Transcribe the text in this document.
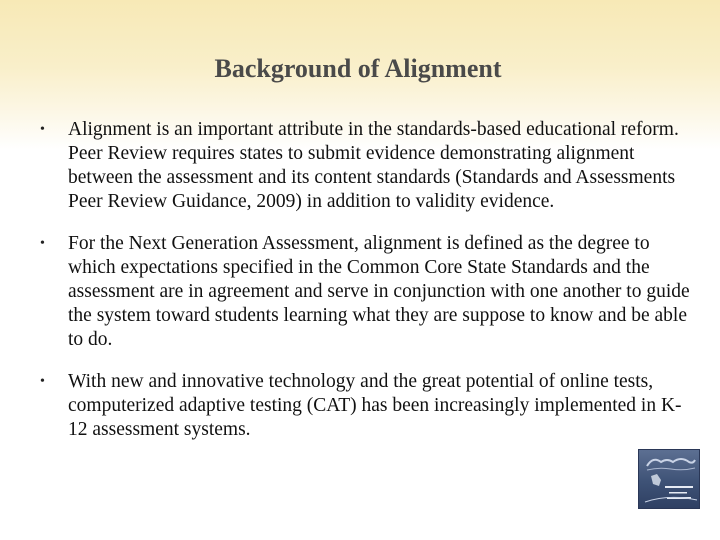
Background of Alignment
• Alignment is an important attribute in the standards-based educational reform. Peer Review requires states to submit evidence demonstrating alignment between the assessment and its content standards (Standards and Assessments Peer Review Guidance, 2009) in addition to validity evidence.
• For the Next Generation Assessment, alignment is defined as the degree to which expectations specified in the Common Core State Standards and the assessment are in agreement and serve in conjunction with one another to guide the system toward students learning what they are suppose to know and be able to do.
• With new and innovative technology and the great potential of online tests, computerized adaptive testing (CAT) has been increasingly implemented in K-12 assessment systems.
